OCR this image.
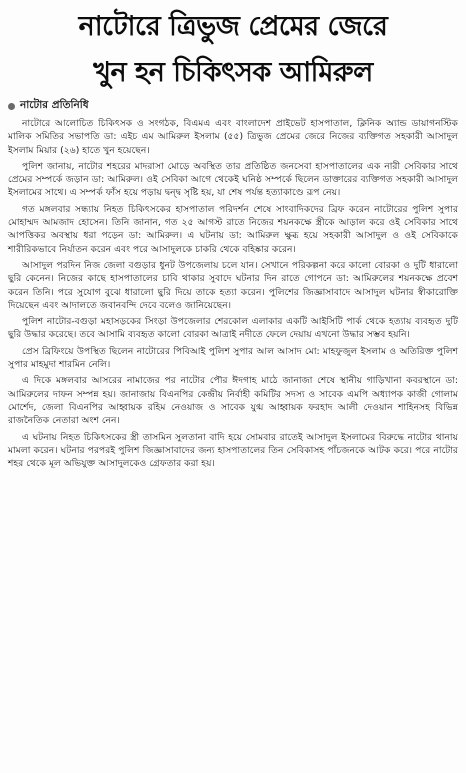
নাটোরে ত্রিভুজ প্রেমের জেরে
খুন হন চিকিৎসক আমিরুল
নাটোর প্রতিনিধি

নাটোরে আলোচিত চিকিৎসক ও সংগঠক, বিএমএ এবং বাংলাদেশ প্রাইভেট হাসপাতাল, ক্লিনিক অ্যান্ড ডায়াগনস্টিক মালিক সমিতির সভাপতি ডা: এইচ এম আমিরুল ইসলাম (৫৫) ত্রিভুজ প্রেমের জেরে নিজের ব্যক্তিগত সহকারী আসাদুল ইসলাম মিয়ার (২৬) হাতে খুন হয়েছেন।

পুলিশ জানায়, নাটোর শহরের মাদরাসা মোড়ে অবস্থিত তার প্রতিষ্ঠিত জনসেবা হাসপাতালের এক নারী সেবিকার সাথে প্রেমের সম্পর্কে জড়ান ডা: আমিরুল। ওই সেবিকা আগে থেকেই ঘনিষ্ঠ সম্পর্কে ছিলেন ডাক্তারের ব্যক্তিগত সহকারী আসাদুল ইসলামের সাথে। এ সম্পর্ক ফাঁস হয়ে পড়ায় দ্বন্দ্ব সৃষ্টি হয়, যা শেষ পর্যন্ত হত্যাকাণ্ডে রূপ নেয়।

গত মঙ্গলবার সন্ধ্যায় নিহত চিকিৎসকের হাসপাতাল পরিদর্শন শেষে সাংবাদিকদের ব্রিফ করেন নাটোরের পুলিশ সুপার মোহাম্মদ আমজাদ হোসেন। তিনি জানান, গত ২৫ আগস্ট রাতে নিজের শয়নকক্ষে স্ত্রীকে আড়াল করে ওই সেবিকার সাথে আপত্তিকর অবস্থায় ধরা পড়েন ডা: আমিরুল। এ ঘটনায় ডা: আমিরুল ক্ষুব্ধ হয়ে সহকারী আসাদুল ও ওই সেবিকাকে শারীরিকভাবে নির্যাতন করেন এবং পরে আসাদুলকে চাকরি থেকে বহিষ্কার করেন।

আসাদুল পরদিন নিজ জেলা বগুড়ার ধুনট উপজেলায় চলে যান। সেখানে পরিকল্পনা করে কালো বোরকা ও দুটি ধারালো ছুরি কেনেন। নিজের কাছে হাসপাতালের চাবি থাকার সুবাদে ঘটনার দিন রাতে গোপনে ডা: আমিরুলের শয়নকক্ষে প্রবেশ করেন তিনি। পরে সুযোগ বুঝে ধারালো ছুরি দিয়ে তাকে হত্যা করেন। পুলিশের জিজ্ঞাসাবাদে আসাদুল ঘটনার স্বীকারোক্তি দিয়েছেন এবং আদালতে জবানবন্দি দেবে বলেও জানিয়েছেন।

পুলিশ নাটোর-বগুড়া মহাসড়কের সিংড়া উপজেলার শেরকোল এলাকার একটি আইসিটি পার্ক থেকে হত্যায় ব্যবহৃত দুটি ছুরি উদ্ধার করেছে। তবে আসামি ব্যবহৃত কালো বোরকা আত্রাই নদীতে ফেলে দেয়ায় এখনো উদ্ধার সম্ভব হয়নি।

প্রেস ব্রিফিংয়ে উপস্থিত ছিলেন নাটোরের পিবিআই পুলিশ সুপার আল আসাদ মো: মাহফুজুল ইসলাম ও অতিরিক্ত পুলিশ সুপার মাহমুদা শারমিন নেলি।

এ দিকে মঙ্গলবার আসরের নামাজের পর নাটোর পৌর ঈদগাহ মাঠে জানাজা শেষে স্থানীয় গাড়িখানা কবরস্থানে ডা: আমিরুলের দাফন সম্পন্ন হয়। জানাজায় বিএনপির কেন্দ্রীয় নির্বাহী কমিটির সদস্য ও সাবেক এমপি অধ্যাপক কাজী গোলাম মোর্শেদ, জেলা বিএনপির আহ্বায়ক রহিম নেওয়াজ ও সাবেক যুগ্ম আহ্বায়ক ফরহাদ আলী দেওয়ান শাহিনসহ বিভিন্ন রাজনৈতিক নেতারা অংশ নেন।

এ ঘটনায় নিহত চিকিৎসকের স্ত্রী তাসমিন সুলতানা বাদি হয়ে সোমবার রাতেই আসাদুল ইসলামের বিরুদ্ধে নাটোর থানায় মামলা করেন। ঘটনার পরপরই পুলিশ জিজ্ঞাসাবাদের জন্য হাসপাতালের তিন সেবিকাসহ পাঁচজনকে আটক করে। পরে নাটোর শহর থেকে মূল অভিযুক্ত আসাদুলকেও গ্রেফতার করা হয়।
